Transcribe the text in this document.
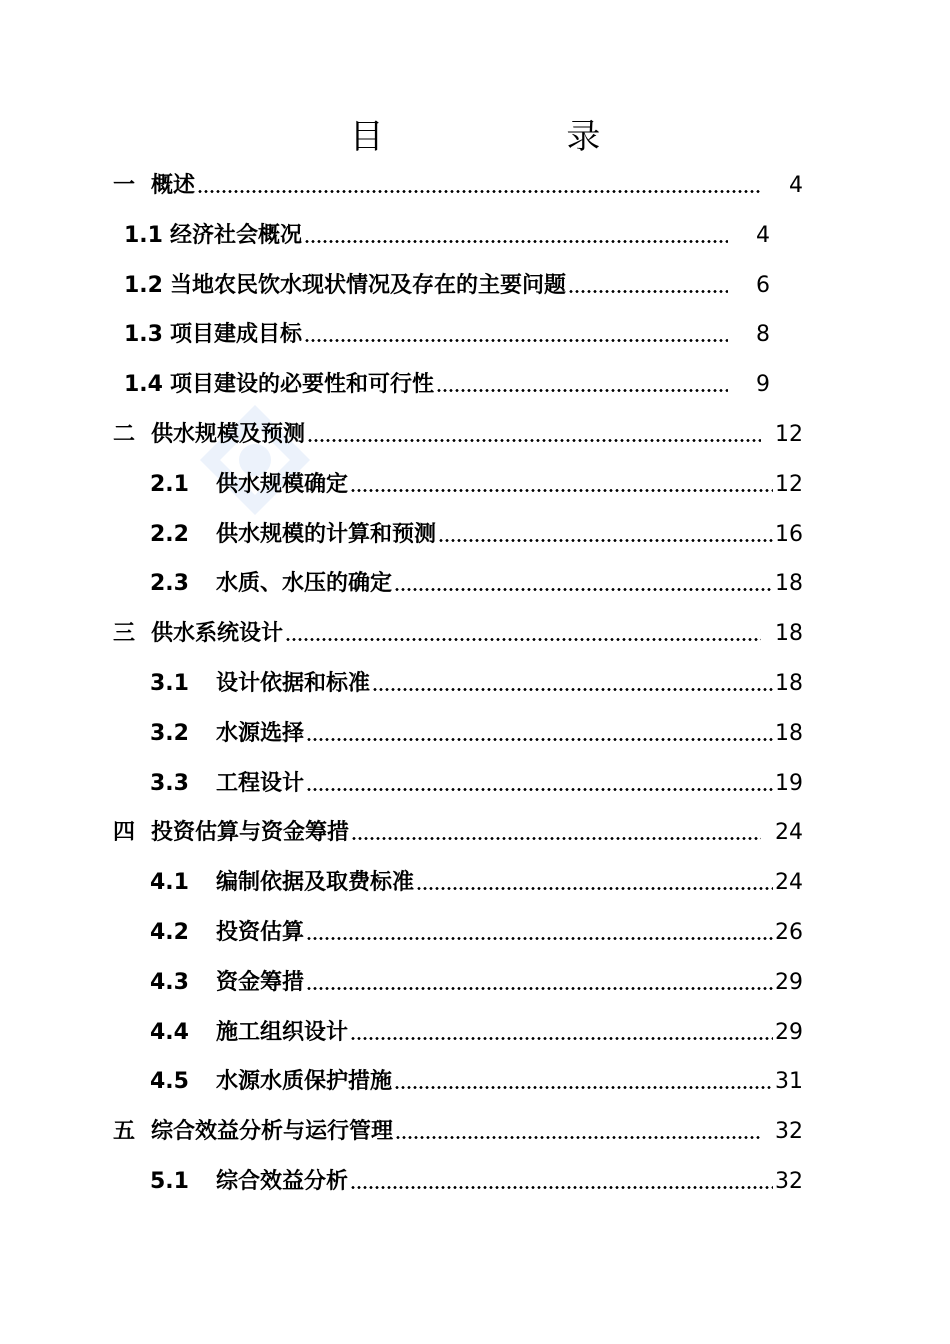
目 录
一 概述	4
1.1 经济社会概况	4
1.2 当地农民饮水现状情况及存在的主要问题	6
1.3 项目建成目标	8
1.4 项目建设的必要性和可行性	9
二 供水规模及预测	12
2.1	供水规模确定	12
2.2	供水规模的计算和预测	16
2.3	水质、水压的确定	18
三 供水系统设计	18
3.1	设计依据和标准	18
3.2	水源选择	18
3.3	工程设计	19
四 投资估算与资金筹措	24
4.1	编制依据及取费标准	24
4.2	投资估算	26
4.3	资金筹措	29
4.4	施工组织设计	29
4.5	水源水质保护措施	31
五 综合效益分析与运行管理	32
5.1	综合效益分析	32
